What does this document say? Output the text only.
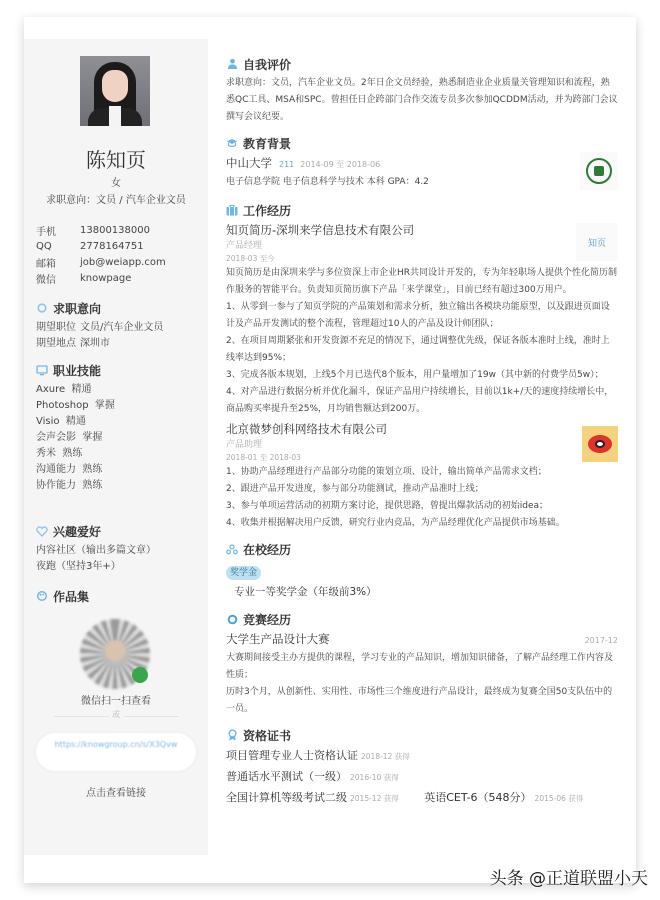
陈知页
女
求职意向：文员 / 汽车企业文员
手机	13800138000
QQ	2778164751
邮箱	job@weiapp.com
微信	knowpage
求职意向
期望职位 文员/汽车企业文员
期望地点 深圳市
职业技能
Axure 精通
Photoshop 掌握
Visio 精通
会声会影 掌握
秀米 熟练
沟通能力 熟练
协作能力 熟练
兴趣爱好
内容社区（输出多篇文章）
夜跑（坚持3年+）
作品集
微信扫一扫查看
或
https://knowgroup.cn/s/X3Qvw
点击查看链接
自我评价
求职意向：文员，汽车企业文员。2年日企文员经验，熟悉制造业企业质量关管理知识和流程，熟悉QC工具、MSA和SPC。曾担任日企跨部门合作交流专员多次参加QCDDM活动，并为跨部门会议撰写会议纪要。
教育背景
中山大学 211 2014-09 至 2018-06
电子信息学院 电子信息科学与技术 本科 GPA：4.2
工作经历
知页
知页简历-深圳来学信息技术有限公司
产品经理
2018-03 至今
知页简历是由深圳来学与多位资深上市企业HR共同设计开发的，专为年轻职场人提供个性化简历制作服务的智能平台。负责知页简历旗下产品「来学课堂」，目前已经有超过300万用户。
1、从零到一参与了知页学院的产品策划和需求分析，独立输出各模块功能原型，以及跟进页面设计及产品开发测试的整个流程，管理超过10人的产品及设计师团队；
2、在项目周期紧张和开发资源不充足的情况下，通过调整优先级，保证各版本准时上线，准时上线率达到95%；
3、完成各版本规划，上线5个月已迭代8个版本，用户量增加了19w（其中新的付费学员5w）；
4、对产品进行数据分析并优化漏斗，保证产品用户持续增长，目前以1k+/天的速度持续增长中，商品购买率提升至25%，月均销售额达到200万。
北京微梦创科网络技术有限公司
产品助理
2018-01 至 2018-03
1、协助产品经理进行产品部分功能的策划立项、设计，输出简单产品需求文档；
2、跟进产品开发进度，参与部分功能测试，推动产品准时上线；
3、参与单项运营活动的初期方案讨论，提供思路，曾提出爆款活动的初始idea；
4、收集并根据解决用户反馈，研究行业内竞品，为产品经理优化产品提供市场基础。
在校经历
奖学金
专业一等奖学金（年级前3%）
竞赛经历
大学生产品设计大赛	2017-12
大赛期间接受主办方提供的课程，学习专业的产品知识，增加知识储备，了解产品经理工作内容及性质；
历时3个月，从创新性、实用性、市场性三个维度进行产品设计，最终成为复赛全国50支队伍中的一员。
资格证书
项目管理专业人士资格认证 2018-12 获得
普通话水平测试（一级） 2016-10 获得
全国计算机等级考试二级 2015-12 获得 英语CET-6（548分） 2015-06 获得
头条 @正道联盟小天
